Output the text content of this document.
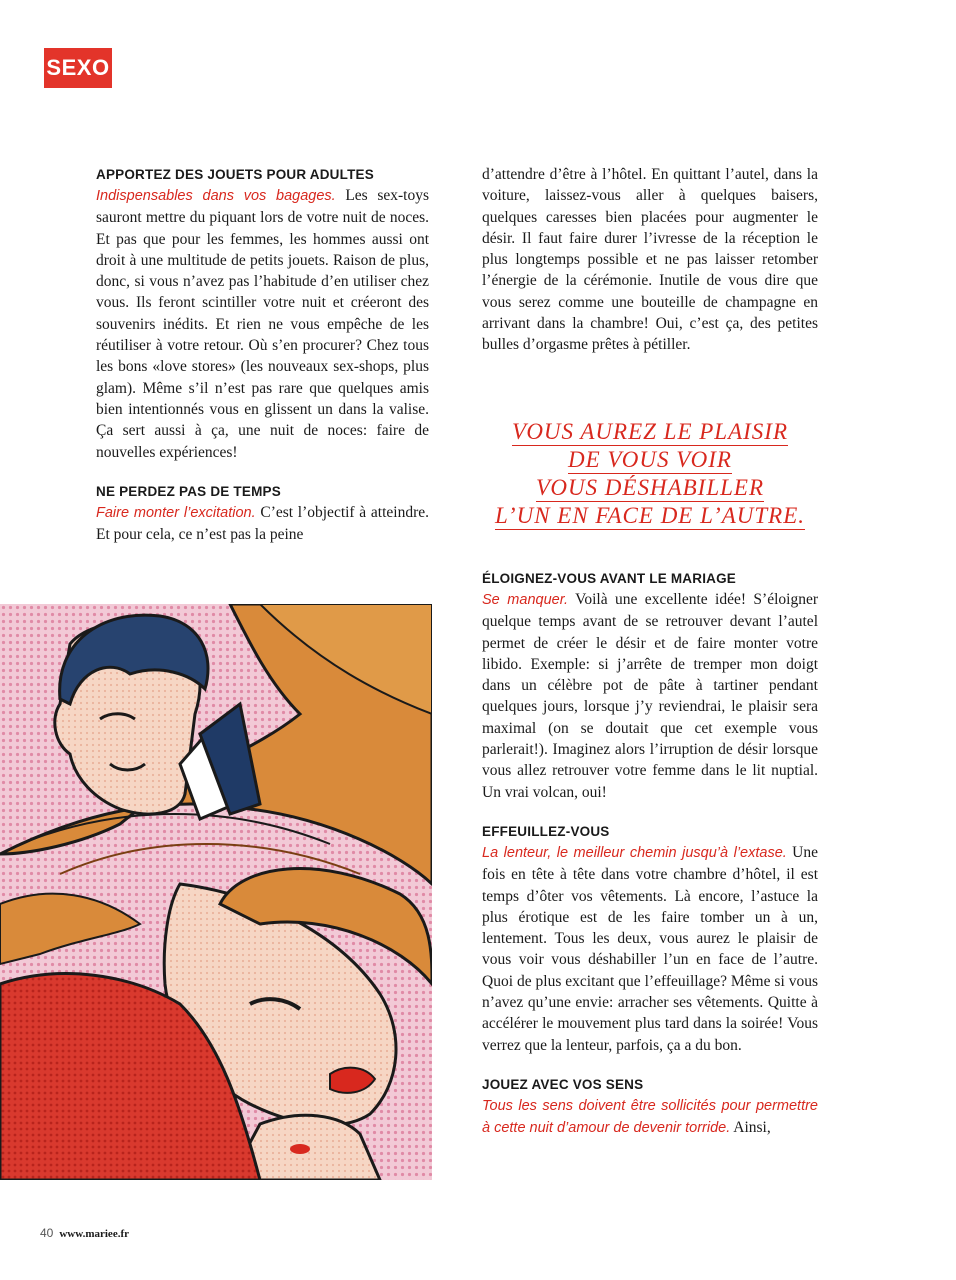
SEXO
APPORTEZ DES JOUETS POUR ADULTES

Indispensables dans vos bagages. Les sex-toys sauront mettre du piquant lors de votre nuit de noces. Et pas que pour les femmes, les hommes aussi ont droit à une multitude de petits jouets. Raison de plus, donc, si vous n’avez pas l’habitude d’en utiliser chez vous. Ils feront scintiller votre nuit et créeront des souvenirs inédits. Et rien ne vous empêche de les réutiliser à votre retour. Où s’en procurer? Chez tous les bons «love stores» (les nouveaux sex-shops, plus glam). Même s’il n’est pas rare que quelques amis bien intentionnés vous en glissent un dans la valise. Ça sert aussi à ça, une nuit de noces: faire de nouvelles expériences!

NE PERDEZ PAS DE TEMPS

Faire monter l’excitation. C’est l’objectif à atteindre. Et pour cela, ce n’est pas la peine

d’attendre d’être à l’hôtel. En quittant l’autel, dans la voiture, laissez-vous aller à quelques baisers, quelques caresses bien placées pour augmenter le désir. Il faut faire durer l’ivresse de la réception le plus longtemps possible et ne pas laisser retomber l’énergie de la cérémonie. Inutile de vous dire que vous serez comme une bouteille de champagne en arrivant dans la chambre! Oui, c’est ça, des petites bulles d’orgasme prêtes à pétiller.

VOUS AUREZ LE PLAISIR
DE VOUS VOIR
VOUS DÉSHABILLER
L’UN EN FACE DE L’AUTRE.
ÉLOIGNEZ-VOUS AVANT LE MARIAGE

Se manquer. Voilà une excellente idée! S’éloigner quelque temps avant de se retrouver devant l’autel permet de créer le désir et de faire monter votre libido. Exemple: si j’arrête de tremper mon doigt dans un célèbre pot de pâte à tartiner pendant quelques jours, lorsque j’y reviendrai, le plaisir sera maximal (on se doutait que cet exemple vous parlerait!). Imaginez alors l’irruption de désir lorsque vous allez retrouver votre femme dans le lit nuptial. Un vrai volcan, oui!

EFFEUILLEZ-VOUS

La lenteur, le meilleur chemin jusqu’à l’extase. Une fois en tête à tête dans votre chambre d’hôtel, il est temps d’ôter vos vêtements. Là encore, l’astuce la plus érotique est de les faire tomber un à un, lentement. Tous les deux, vous aurez le plaisir de vous voir vous déshabiller l’un en face de l’autre. Quoi de plus excitant que l’effeuillage? Même si vous n’avez qu’une envie: arracher ses vêtements. Quitte à accélérer le mouvement plus tard dans la soirée! Vous verrez que la lenteur, parfois, ça a du bon.

JOUEZ AVEC VOS SENS

Tous les sens doivent être sollicités pour permettre à cette nuit d’amour de devenir torride. Ainsi,

40 www.mariee.fr
